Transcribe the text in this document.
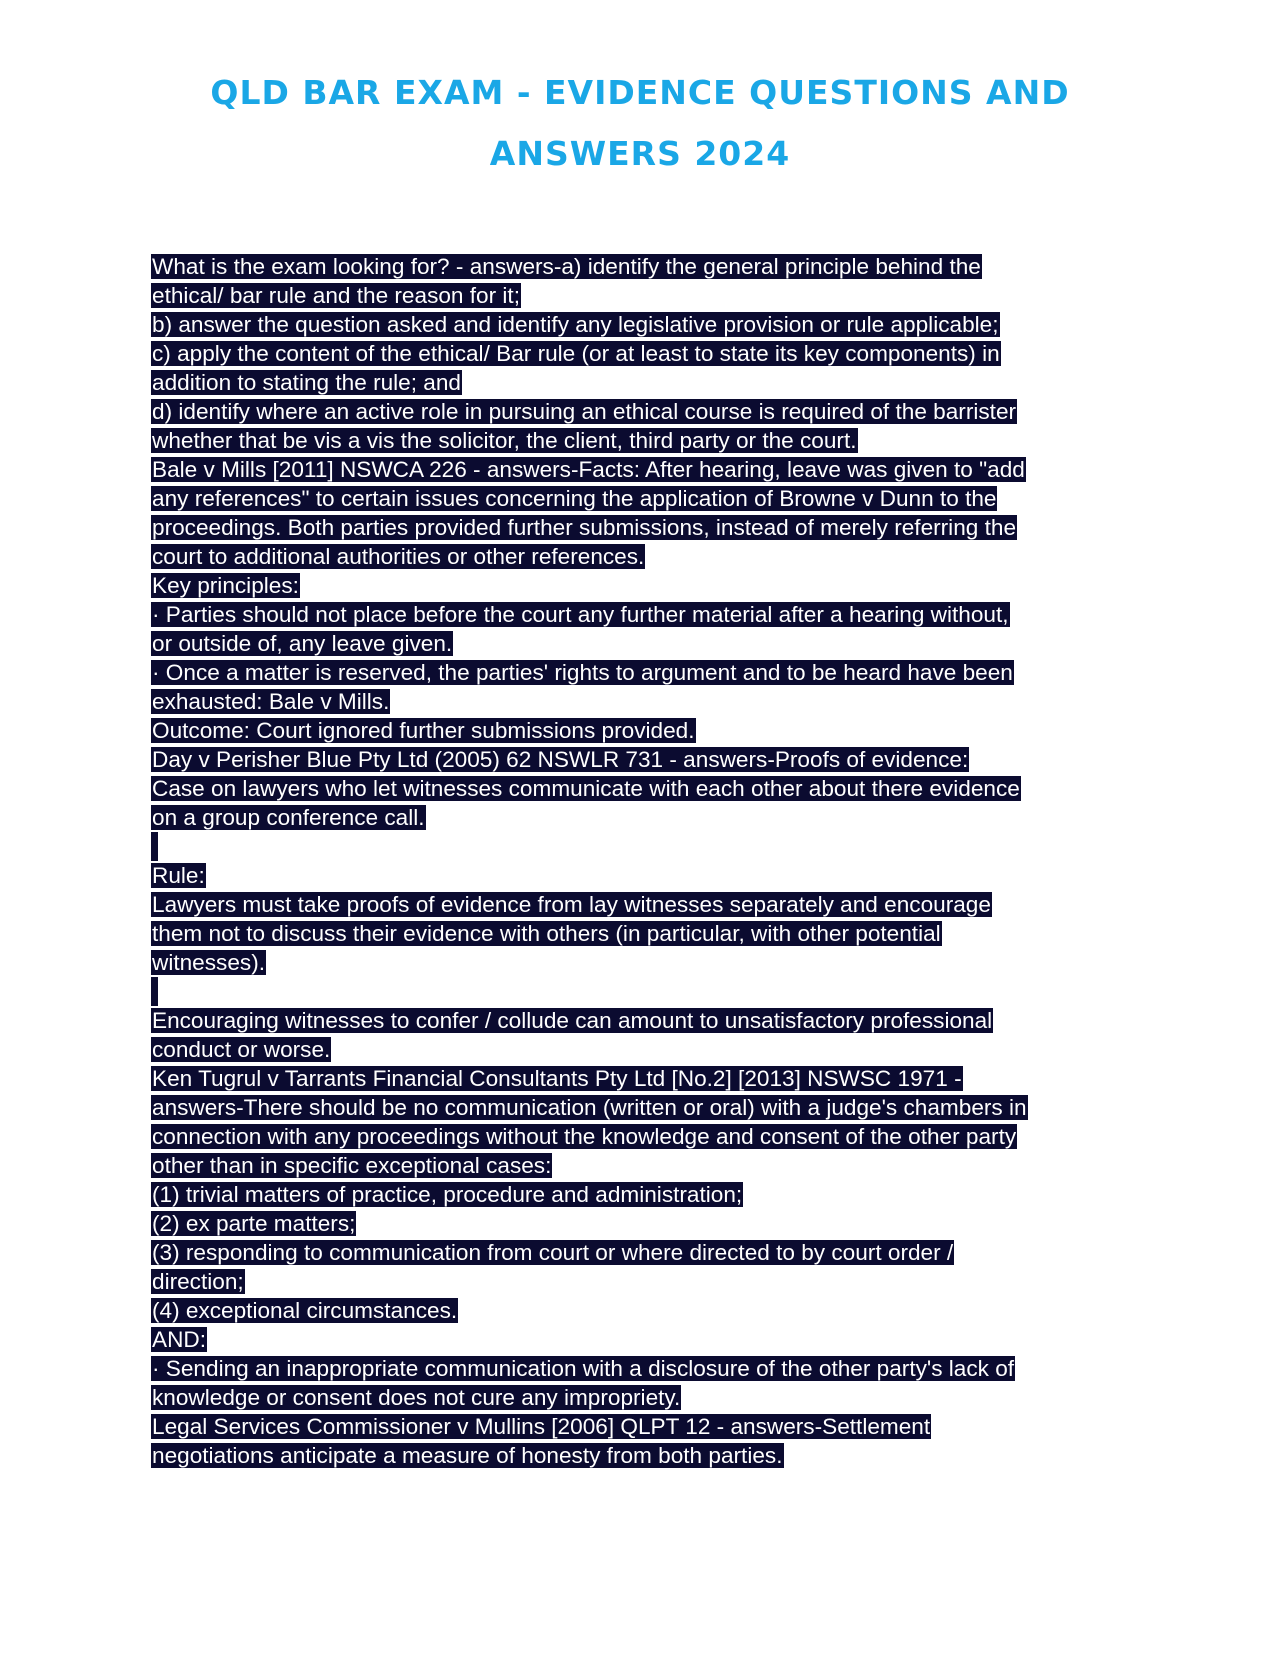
QLD BAR EXAM - EVIDENCE QUESTIONS AND
ANSWERS 2024
What is the exam looking for? - answers-a) identify the general principle behind the
ethical/ bar rule and the reason for it;
b) answer the question asked and identify any legislative provision or rule applicable;
c) apply the content of the ethical/ Bar rule (or at least to state its key components) in
addition to stating the rule; and
d) identify where an active role in pursuing an ethical course is required of the barrister
whether that be vis a vis the solicitor, the client, third party or the court.
Bale v Mills [2011] NSWCA 226 - answers-Facts: After hearing, leave was given to "add
any references" to certain issues concerning the application of Browne v Dunn to the
proceedings. Both parties provided further submissions, instead of merely referring the
court to additional authorities or other references.
Key principles:
· Parties should not place before the court any further material after a hearing without,
or outside of, any leave given.
· Once a matter is reserved, the parties' rights to argument and to be heard have been
exhausted: Bale v Mills.
Outcome: Court ignored further submissions provided.
Day v Perisher Blue Pty Ltd (2005) 62 NSWLR 731 - answers-Proofs of evidence:
Case on lawyers who let witnesses communicate with each other about there evidence
on a group conference call.
Rule:
Lawyers must take proofs of evidence from lay witnesses separately and encourage
them not to discuss their evidence with others (in particular, with other potential
witnesses).
Encouraging witnesses to confer / collude can amount to unsatisfactory professional
conduct or worse.
Ken Tugrul v Tarrants Financial Consultants Pty Ltd [No.2] [2013] NSWSC 1971 -
answers-There should be no communication (written or oral) with a judge's chambers in
connection with any proceedings without the knowledge and consent of the other party
other than in specific exceptional cases:
(1) trivial matters of practice, procedure and administration;
(2) ex parte matters;
(3) responding to communication from court or where directed to by court order /
direction;
(4) exceptional circumstances.
AND:
· Sending an inappropriate communication with a disclosure of the other party's lack of
knowledge or consent does not cure any impropriety.
Legal Services Commissioner v Mullins [2006] QLPT 12 - answers-Settlement
negotiations anticipate a measure of honesty from both parties.
